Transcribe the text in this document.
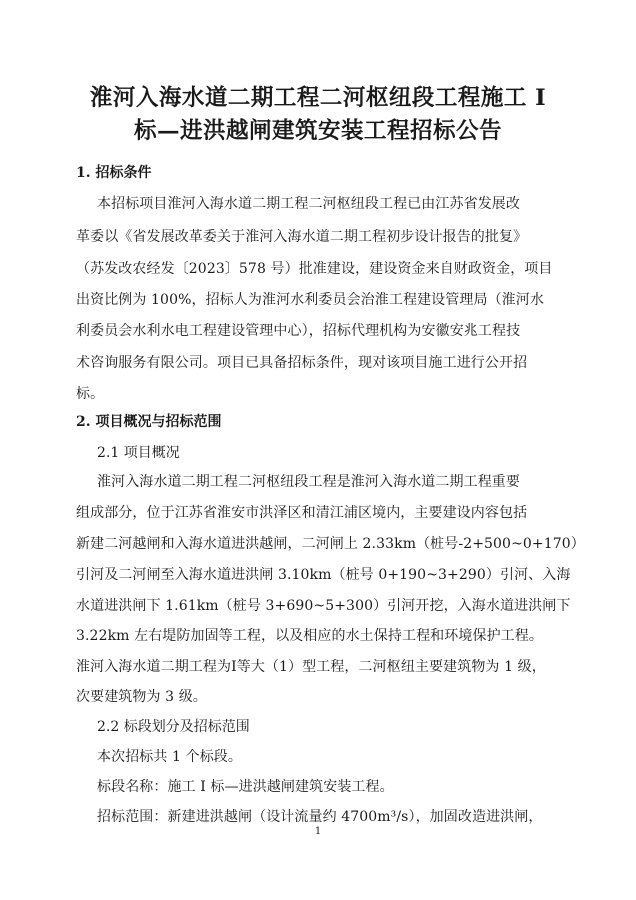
淮河入海水道二期工程二河枢纽段工程施工 I
标—进洪越闸建筑安装工程招标公告
1. 招标条件
本招标项目淮河入海水道二期工程二河枢纽段工程已由江苏省发展改
革委以《省发展改革委关于淮河入海水道二期工程初步设计报告的批复》
（苏发改农经发〔2023〕578 号）批准建设，建设资金来自财政资金，项目
出资比例为 100%，招标人为淮河水利委员会治淮工程建设管理局（淮河水
利委员会水利水电工程建设管理中心），招标代理机构为安徽安兆工程技
术咨询服务有限公司。项目已具备招标条件，现对该项目施工进行公开招
标。
2. 项目概况与招标范围
2.1 项目概况
淮河入海水道二期工程二河枢纽段工程是淮河入海水道二期工程重要
组成部分，位于江苏省淮安市洪泽区和清江浦区境内，主要建设内容包括
新建二河越闸和入海水道进洪越闸，二河闸上 2.33km（桩号-2+500~0+170）
引河及二河闸至入海水道进洪闸 3.10km（桩号 0+190~3+290）引河、入海
水道进洪闸下 1.61km（桩号 3+690~5+300）引河开挖，入海水道进洪闸下
3.22km 左右堤防加固等工程，以及相应的水土保持工程和环境保护工程。
淮河入海水道二期工程为I等大（1）型工程，二河枢纽主要建筑物为 1 级，
次要建筑物为 3 级。
2.2 标段划分及招标范围
本次招标共 1 个标段。
标段名称：施工 I 标—进洪越闸建筑安装工程。
招标范围：新建进洪越闸（设计流量约 4700m³/s），加固改造进洪闸，
1
